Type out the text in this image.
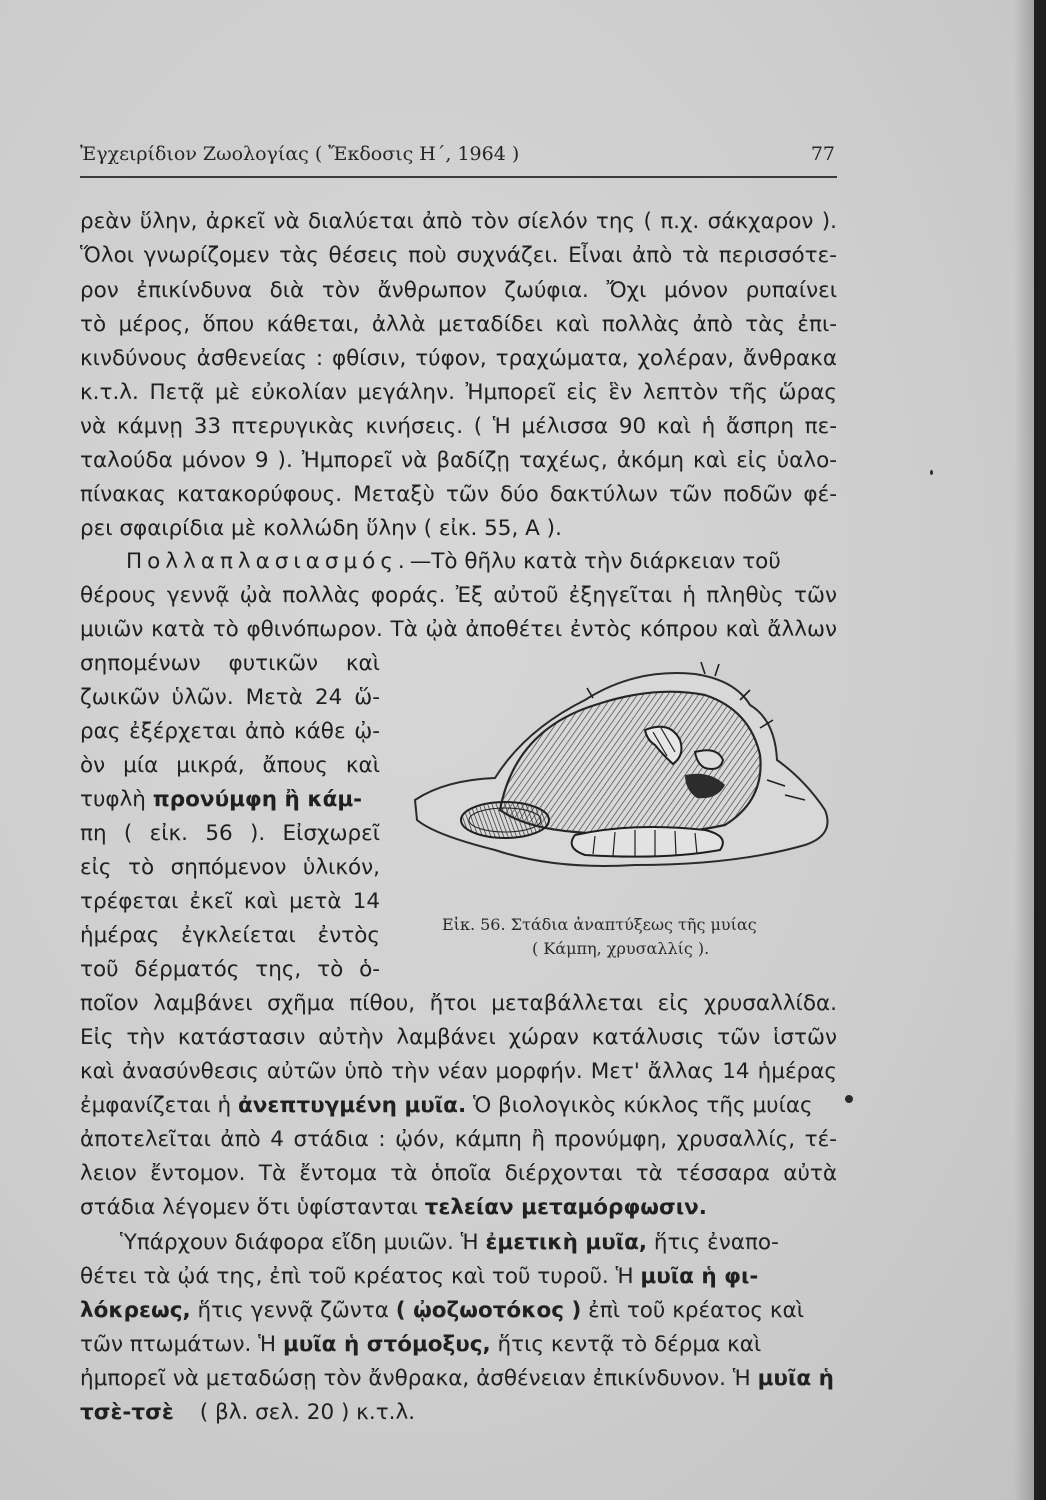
Ἐγχειρίδιον Ζωολογίας ( Ἔκδοσις Η΄, 1964 )	77
ρεὰν ὕλην, ἀρκεῖ νὰ διαλύεται ἀπὸ τὸν σίελόν της ( π.χ. σάκχαρον ).
Ὅλοι γνωρίζομεν τὰς θέσεις ποὺ συχνάζει. Εἶναι ἀπὸ τὰ περισσότε-
ρον ἐπικίνδυνα διὰ τὸν ἄνθρωπον ζωύφια. Ὄχι μόνον ρυπαίνει
τὸ μέρος, ὅπου κάθεται, ἀλλὰ μεταδίδει καὶ πολλὰς ἀπὸ τὰς ἐπι-
κινδύνους ἀσθενείας : φθίσιν, τύφον, τραχώματα, χολέραν, ἄνθρακα
κ.τ.λ. Πετᾷ μὲ εὐκολίαν μεγάλην. Ἠμπορεῖ εἰς ἓν λεπτὸν τῆς ὥρας
νὰ κάμνῃ 33 πτερυγικὰς κινήσεις. ( Ἡ μέλισσα 90 καὶ ἡ ἄσπρη πε-
ταλούδα μόνον 9 ). Ἠμπορεῖ νὰ βαδίζῃ ταχέως, ἀκόμη καὶ εἰς ὑαλο-
πίνακας κατακορύφους. Μεταξὺ τῶν δύο δακτύλων τῶν ποδῶν φέ-
ρει σφαιρίδια μὲ κολλώδη ὕλην ( εἰκ. 55, Α ).
Πολλαπλασιασμός.—Τὸ θῆλυ κατὰ τὴν διάρκειαν τοῦ
θέρους γεννᾷ ᾠὰ πολλὰς φοράς. Ἐξ αὐτοῦ ἐξηγεῖται ἡ πληθὺς τῶν
μυιῶν κατὰ τὸ φθινόπωρον. Τὰ ᾠὰ ἀποθέτει ἐντὸς κόπρου καὶ ἄλλων
σηπομένων φυτικῶν καὶ
ζωικῶν ὑλῶν. Μετὰ 24 ὥ-
ρας ἐξέρχεται ἀπὸ κάθε ᾠ-
ὸν μία μικρά, ἄπους καὶ
τυφλὴ προνύμφη ἢ κάμ-
πη ( εἰκ. 56 ). Εἰσχωρεῖ
εἰς τὸ σηπόμενον ὑλικόν,
τρέφεται ἐκεῖ καὶ μετὰ 14
ἡμέρας ἐγκλείεται ἐντὸς
τοῦ δέρματός της, τὸ ὁ-
Εἰκ. 56. Στάδια ἀναπτύξεως τῆς μυίας
( Κάμπη, χρυσαλλίς ).
ποῖον λαμβάνει σχῆμα πίθου, ἤτοι μεταβάλλεται εἰς χρυσαλλίδα.
Εἰς τὴν κατάστασιν αὐτὴν λαμβάνει χώραν κατάλυσις τῶν ἱστῶν
καὶ ἀνασύνθεσις αὐτῶν ὑπὸ τὴν νέαν μορφήν. Μετ' ἄλλας 14 ἡμέρας
ἐμφανίζεται ἡ ἀνεπτυγμένη μυῖα. Ὁ βιολογικὸς κύκλος τῆς μυίας
ἀποτελεῖται ἀπὸ 4 στάδια : ᾠόν, κάμπη ἢ προνύμφη, χρυσαλλίς, τέ-
λειον ἔντομον. Τὰ ἔντομα τὰ ὁποῖα διέρχονται τὰ τέσσαρα αὐτὰ
στάδια λέγομεν ὅτι ὑφίστανται τελείαν μεταμόρφωσιν.
Ὑπάρχουν διάφορα εἴδη μυιῶν. Ἡ ἐμετικὴ μυῖα, ἥτις ἐναπο-
θέτει τὰ ᾠά της, ἐπὶ τοῦ κρέατος καὶ τοῦ τυροῦ. Ἡ μυῖα ἡ φι-
λόκρεως, ἥτις γεννᾷ ζῶντα ( ᾠοζωοτόκος ) ἐπὶ τοῦ κρέατος καὶ
τῶν πτωμάτων. Ἡ μυῖα ἡ στόμοξυς, ἥτις κεντᾷ τὸ δέρμα καὶ
ἠμπορεῖ νὰ μεταδώσῃ τὸν ἄνθρακα, ἀσθένειαν ἐπικίνδυνον. Ἡ μυῖα ἡ
τσὲ-τσὲ ( βλ. σελ. 20 ) κ.τ.λ.
